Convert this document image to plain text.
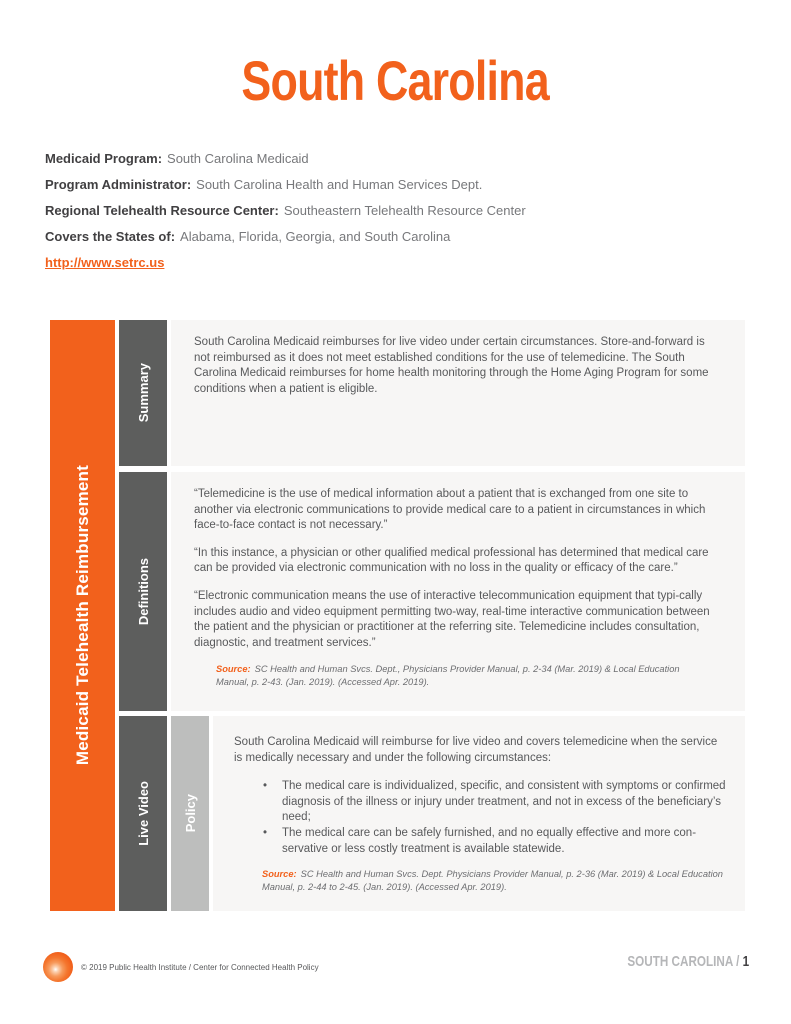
South Carolina

Medicaid Program: South Carolina Medicaid

Program Administrator: South Carolina Health and Human Services Dept.

Regional Telehealth Resource Center: Southeastern Telehealth Resource Center

Covers the States of: Alabama, Florida, Georgia, and South Carolina

http://www.setrc.us

Medicaid Telehealth Reimbursement
Summary

South Carolina Medicaid reimburses for live video under certain circumstances. Store-and-forward is not reimbursed as it does not meet established conditions for the use of telemedicine. The South Carolina Medicaid reimburses for home health monitoring through the Home Aging Program for some conditions when a patient is eligible.

Definitions

“Telemedicine is the use of medical information about a patient that is exchanged from one site to another via electronic communications to provide medical care to a patient in circumstances in which face-to-face contact is not necessary.”

“In this instance, a physician or other qualified medical professional has determined that medical care can be provided via electronic communication with no loss in the quality or efficacy of the care.”

“Electronic communication means the use of interactive telecommunication equipment that typi-cally includes audio and video equipment permitting two-way, real-time interactive communication between the patient and the physician or practitioner at the referring site. Telemedicine includes consultation, diagnostic, and treatment services.”

Source: SC Health and Human Svcs. Dept., Physicians Provider Manual, p. 2-34 (Mar. 2019) & Local Education Manual, p. 2-43. (Jan. 2019). (Accessed Apr. 2019).

Live Video Policy

South Carolina Medicaid will reimburse for live video and covers telemedicine when the service is medically necessary and under the following circumstances:

• The medical care is individualized, specific, and consistent with symptoms or confirmed diagnosis of the illness or injury under treatment, and not in excess of the beneficiary’s need;
• The medical care can be safely furnished, and no equally effective and more con-servative or less costly treatment is available statewide.

Source: SC Health and Human Svcs. Dept. Physicians Provider Manual, p. 2-36 (Mar. 2019) & Local Education Manual, p. 2-44 to 2-45. (Jan. 2019). (Accessed Apr. 2019).

© 2019 Public Health Institute / Center for Connected Health Policy	SOUTH CAROLINA / 1
